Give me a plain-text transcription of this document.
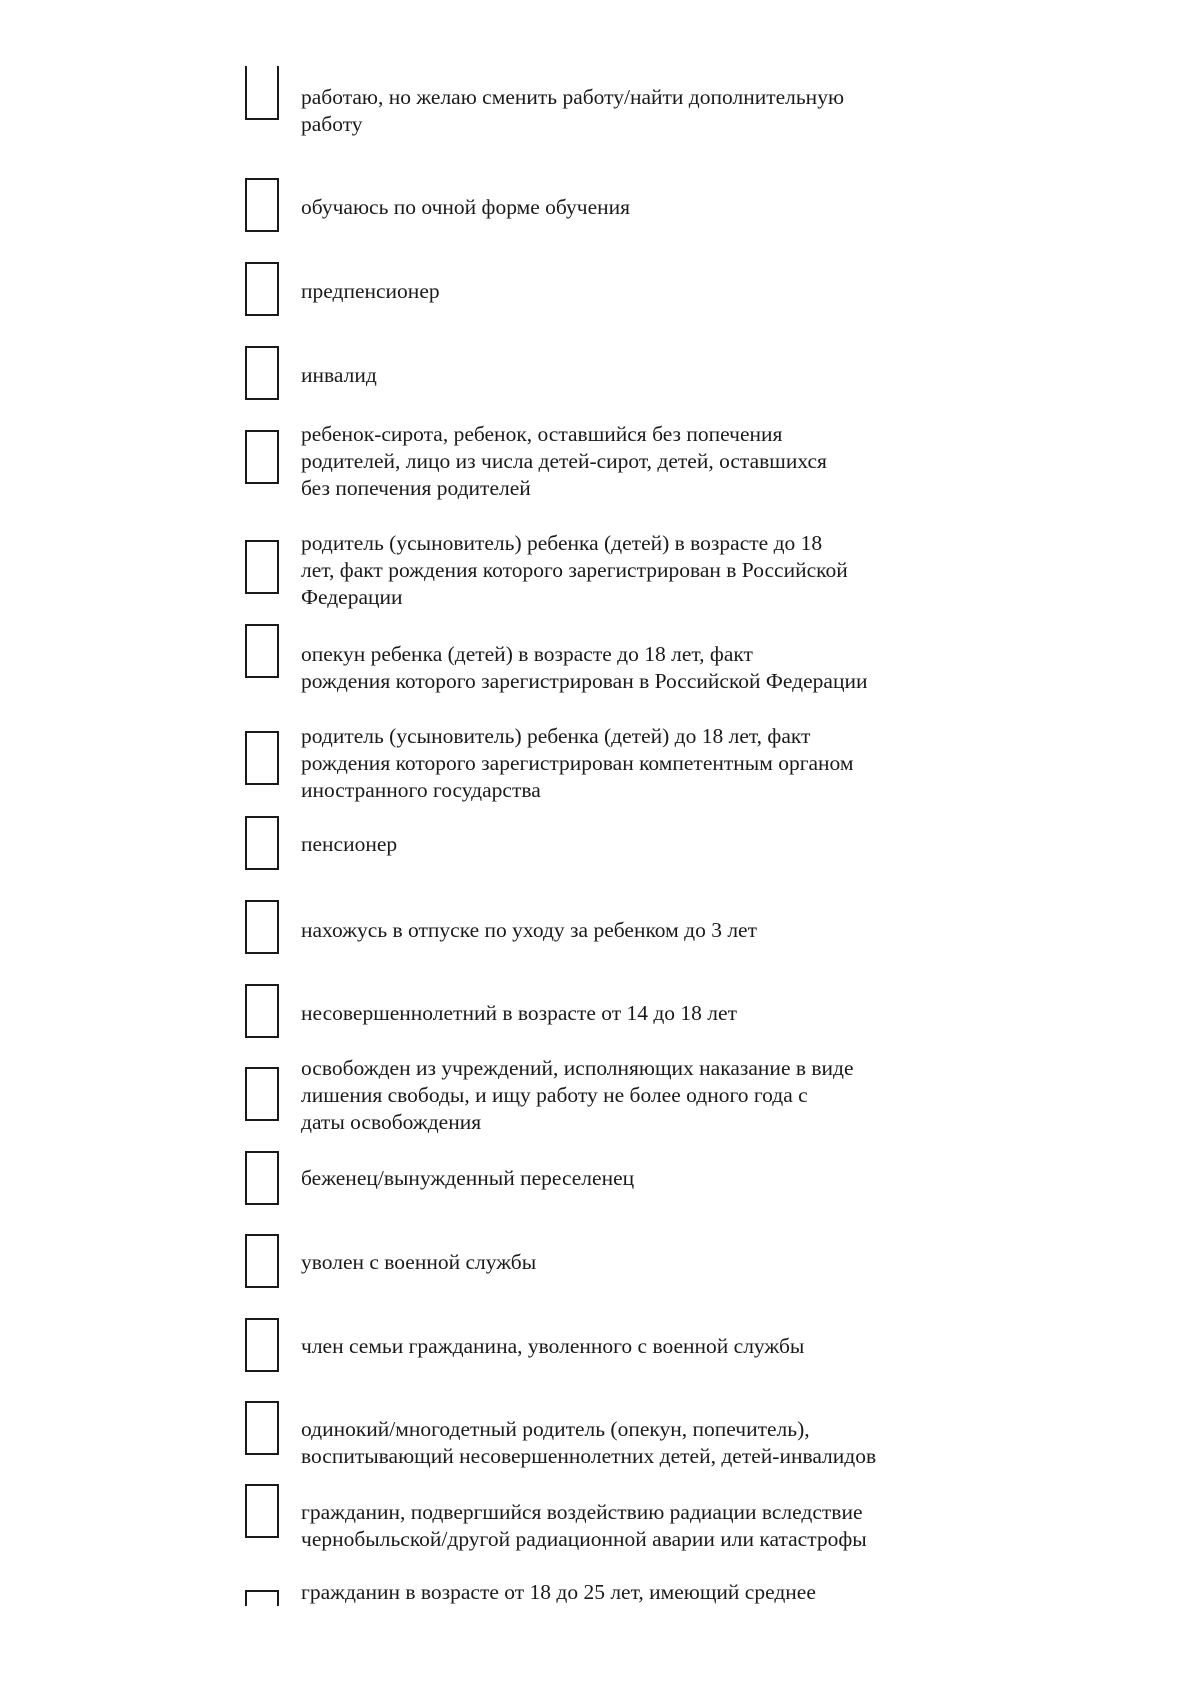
работаю, но желаю сменить работу/найти дополнительную
работу
обучаюсь по очной форме обучения
предпенсионер
инвалид
ребенок-сирота, ребенок, оставшийся без попечения
родителей, лицо из числа детей-сирот, детей, оставшихся
без попечения родителей
родитель (усыновитель) ребенка (детей) в возрасте до 18
лет, факт рождения которого зарегистрирован в Российской
Федерации
опекун ребенка (детей) в возрасте до 18 лет, факт
рождения которого зарегистрирован в Российской Федерации
родитель (усыновитель) ребенка (детей) до 18 лет, факт
рождения которого зарегистрирован компетентным органом
иностранного государства
пенсионер
нахожусь в отпуске по уходу за ребенком до 3 лет
несовершеннолетний в возрасте от 14 до 18 лет
освобожден из учреждений, исполняющих наказание в виде
лишения свободы, и ищу работу не более одного года с
даты освобождения
беженец/вынужденный переселенец
уволен с военной службы
член семьи гражданина, уволенного с военной службы
одинокий/многодетный родитель (опекун, попечитель),
воспитывающий несовершеннолетних детей, детей-инвалидов
гражданин, подвергшийся воздействию радиации вследствие
чернобыльской/другой радиационной аварии или катастрофы
гражданин в возрасте от 18 до 25 лет, имеющий среднее
